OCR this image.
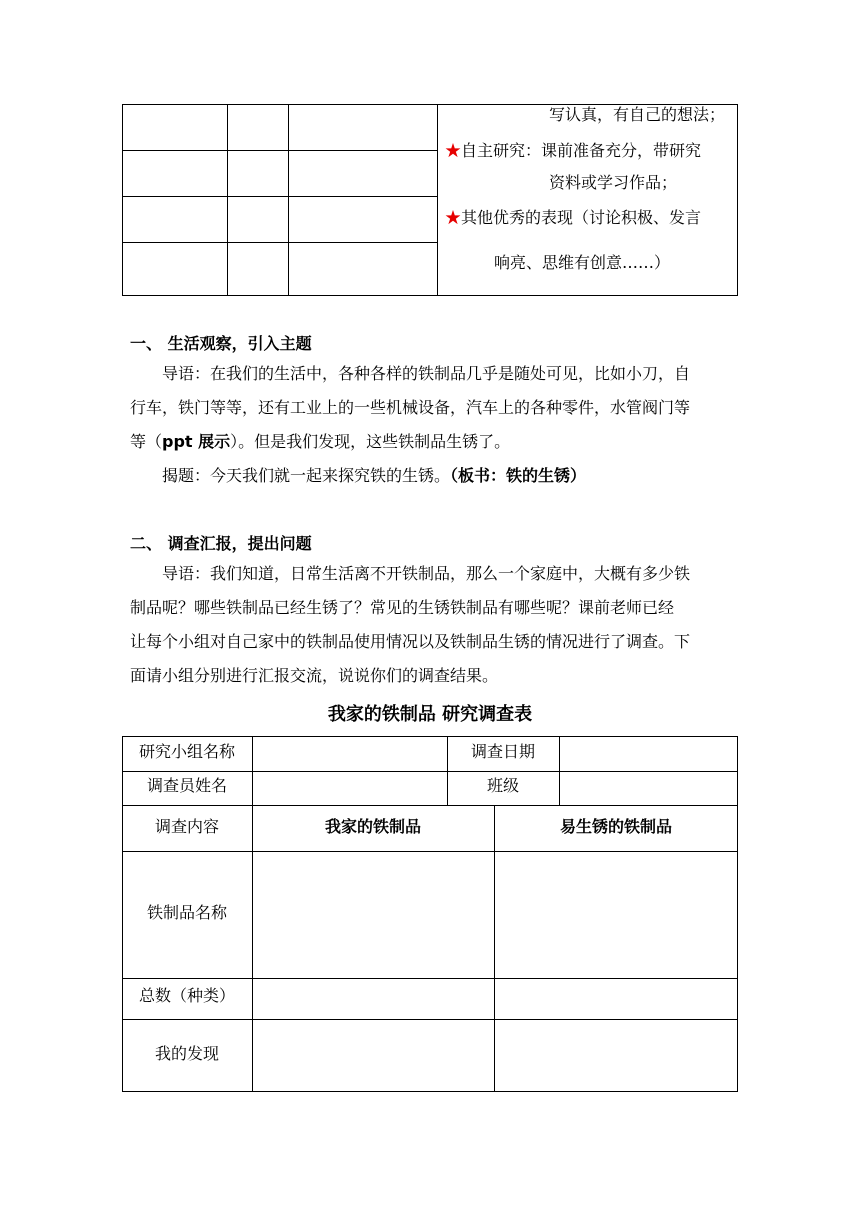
写认真，有自己的想法；
★自主研究：课前准备充分，带研究
资料或学习作品；
★其他优秀的表现（讨论积极、发言
响亮、思维有创意……）
一、 生活观察，引入主题
导语：在我们的生活中，各种各样的铁制品几乎是随处可见，比如小刀，自
行车，铁门等等，还有工业上的一些机械设备，汽车上的各种零件，水管阀门等
等（ppt 展示）。但是我们发现，这些铁制品生锈了。
揭题：今天我们就一起来探究铁的生锈。（板书：铁的生锈）
二、 调查汇报，提出问题
导语：我们知道，日常生活离不开铁制品，那么一个家庭中，大概有多少铁
制品呢？哪些铁制品已经生锈了？常见的生锈铁制品有哪些呢？课前老师已经
让每个小组对自己家中的铁制品使用情况以及铁制品生锈的情况进行了调查。下
面请小组分别进行汇报交流，说说你们的调查结果。
我家的铁制品 研究调查表
研究小组名称	调查日期
调查员姓名	班级
调查内容	我家的铁制品	易生锈的铁制品
铁制品名称
总数（种类）
我的发现
